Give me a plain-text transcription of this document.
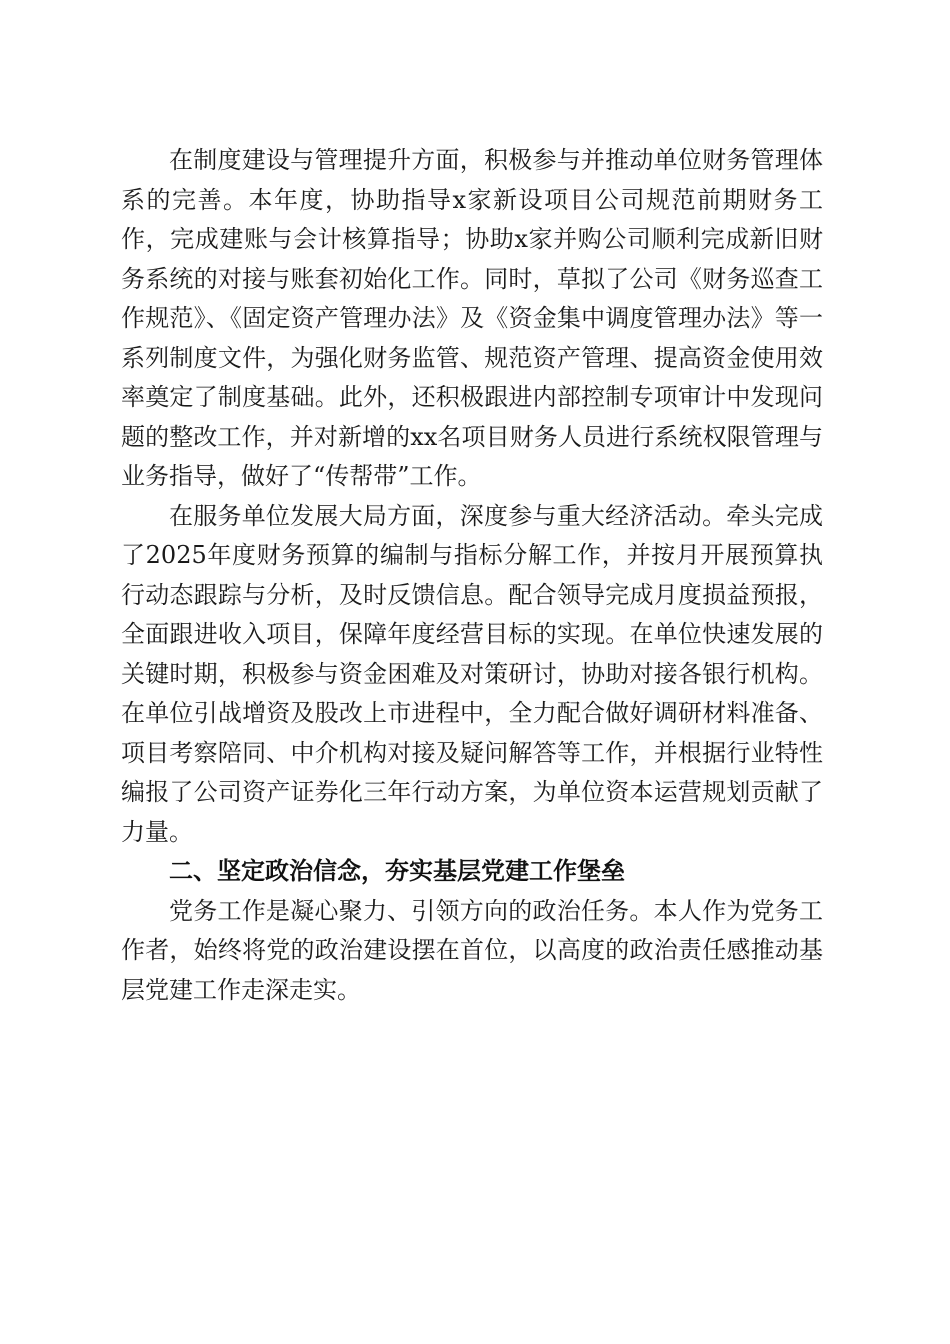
在制度建设与管理提升方面，积极参与并推动单位财务管理体系的完善。本年度，协助指导x家新设项目公司规范前期财务工作，完成建账与会计核算指导；协助x家并购公司顺利完成新旧财务系统的对接与账套初始化工作。同时，草拟了公司《财务巡查工作规范》、《固定资产管理办法》及《资金集中调度管理办法》等一系列制度文件，为强化财务监管、规范资产管理、提高资金使用效率奠定了制度基础。此外，还积极跟进内部控制专项审计中发现问题的整改工作，并对新增的xx名项目财务人员进行系统权限管理与业务指导，做好了“传帮带”工作。

在服务单位发展大局方面，深度参与重大经济活动。牵头完成了2025年度财务预算的编制与指标分解工作，并按月开展预算执行动态跟踪与分析，及时反馈信息。配合领导完成月度损益预报，全面跟进收入项目，保障年度经营目标的实现。在单位快速发展的关键时期，积极参与资金困难及对策研讨，协助对接各银行机构。在单位引战增资及股改上市进程中，全力配合做好调研材料准备、项目考察陪同、中介机构对接及疑问解答等工作，并根据行业特性编报了公司资产证券化三年行动方案，为单位资本运营规划贡献了力量。

二、坚定政治信念，夯实基层党建工作堡垒

党务工作是凝心聚力、引领方向的政治任务。本人作为党务工作者，始终将党的政治建设摆在首位，以高度的政治责任感推动基层党建工作走深走实。
